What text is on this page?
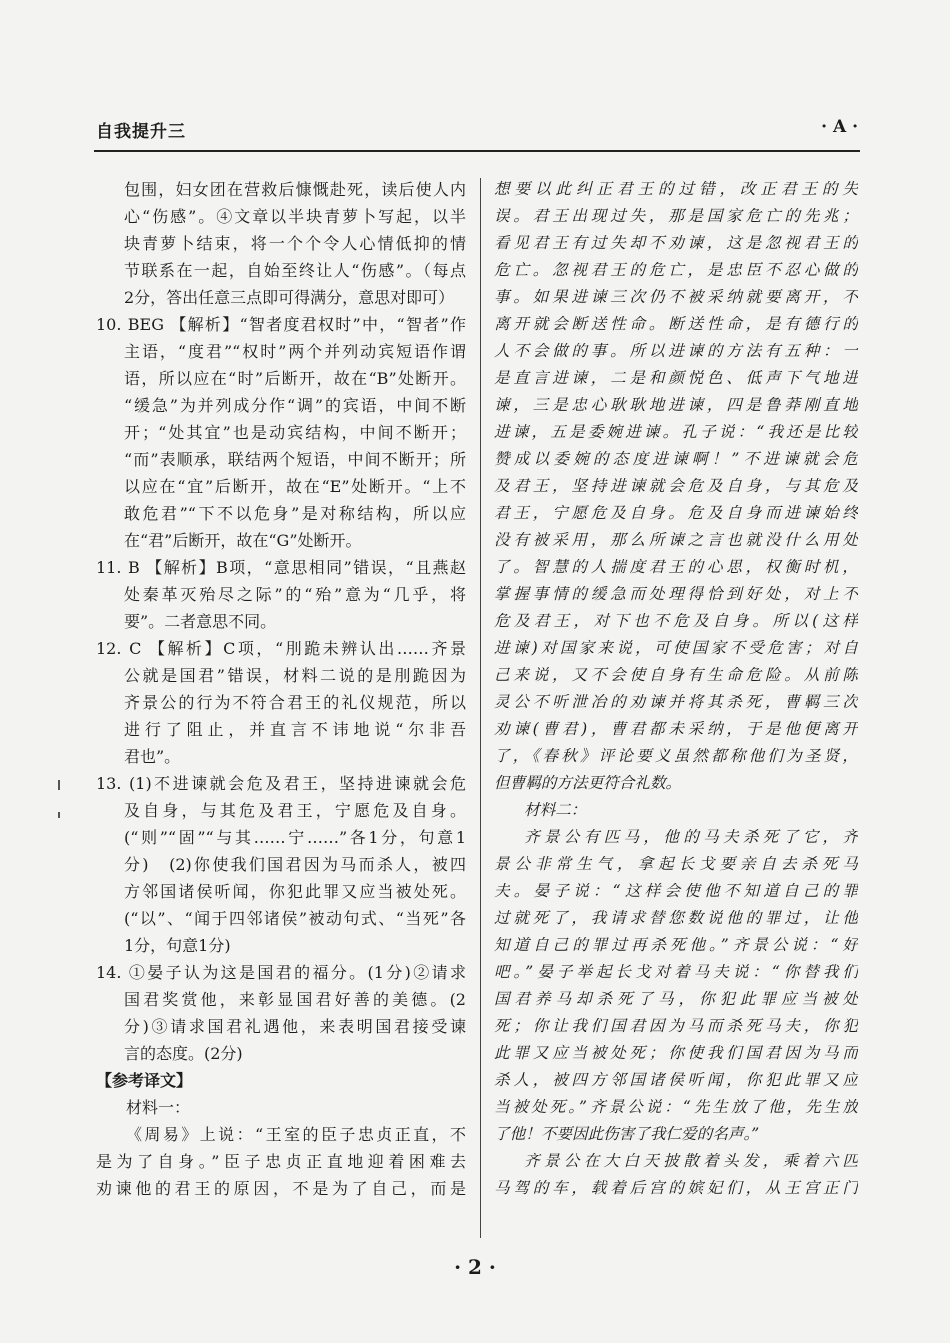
自我提升三	· A ·
包围，妇女团在营救后慷慨赴死，读后使人内
心“伤感”。④文章以半块青萝卜写起，以半
块青萝卜结束，将一个个令人心情低抑的情
节联系在一起，自始至终让人“伤感”。（每点
2分，答出任意三点即可得满分，意思对即可）
10. BEG 【解析】“智者度君权时”中，“智者”作
主语，“度君”“权时”两个并列动宾短语作谓
语，所以应在“时”后断开，故在“B”处断开。
“缓急”为并列成分作“调”的宾语，中间不断
开；“处其宜”也是动宾结构，中间不断开；
“而”表顺承，联结两个短语，中间不断开；所
以应在“宜”后断开，故在“E”处断开。“上不
敢危君”“下不以危身”是对称结构，所以应
在“君”后断开，故在“G”处断开。
11. B 【解析】B项，“意思相同”错误，“且燕赵
处秦革灭殆尽之际”的“殆”意为“几乎，将
要”。二者意思不同。
12. C 【解析】C项，“刖跪未辨认出……齐景
公就是国君”错误，材料二说的是刖跪因为
齐景公的行为不符合君王的礼仪规范，所以
进行了阻止，并直言不讳地说“尔非吾
君也”。
13. (1)不进谏就会危及君王，坚持进谏就会危
及自身，与其危及君王，宁愿危及自身。
(“则”“固”“与其……宁……”各1分，句意1
分)　(2)你使我们国君因为马而杀人，被四
方邻国诸侯听闻，你犯此罪又应当被处死。
(“以”、“闻于四邻诸侯”被动句式、“当死”各
1分，句意1分)
14. ①晏子认为这是国君的福分。(1分)②请求
国君奖赏他，来彰显国君好善的美德。(2
分)③请求国君礼遇他，来表明国君接受谏
言的态度。(2分)
【参考译文】
材料一：
《周易》上说：“王室的臣子忠贞正直，不
是为了自身。”臣子忠贞正直地迎着困难去
劝谏他的君王的原因，不是为了自己，而是
想要以此纠正君王的过错，改正君王的失
误。君王出现过失，那是国家危亡的先兆；
看见君王有过失却不劝谏，这是忽视君王的
危亡。忽视君王的危亡，是忠臣不忍心做的
事。如果进谏三次仍不被采纳就要离开，不
离开就会断送性命。断送性命，是有德行的
人不会做的事。所以进谏的方法有五种：一
是直言进谏，二是和颜悦色、低声下气地进
谏，三是忠心耿耿地进谏，四是鲁莽刚直地
进谏，五是委婉进谏。孔子说：“我还是比较
赞成以委婉的态度进谏啊！”不进谏就会危
及君王，坚持进谏就会危及自身，与其危及
君王，宁愿危及自身。危及自身而进谏始终
没有被采用，那么所谏之言也就没什么用处
了。智慧的人揣度君王的心思，权衡时机，
掌握事情的缓急而处理得恰到好处，对上不
危及君王，对下也不危及自身。所以(这样
进谏)对国家来说，可使国家不受危害；对自
己来说，又不会使自身有生命危险。从前陈
灵公不听泄冶的劝谏并将其杀死，曹羁三次
劝谏(曹君)，曹君都未采纳，于是他便离开
了，《春秋》评论要义虽然都称他们为圣贤，
但曹羁的方法更符合礼数。
材料二：
齐景公有匹马，他的马夫杀死了它，齐
景公非常生气，拿起长戈要亲自去杀死马
夫。晏子说：“这样会使他不知道自己的罪
过就死了，我请求替您数说他的罪过，让他
知道自己的罪过再杀死他。”齐景公说：“好
吧。”晏子举起长戈对着马夫说：“你替我们
国君养马却杀死了马，你犯此罪应当被处
死；你让我们国君因为马而杀死马夫，你犯
此罪又应当被处死；你使我们国君因为马而
杀人，被四方邻国诸侯听闻，你犯此罪又应
当被处死。”齐景公说：“先生放了他，先生放
了他！不要因此伤害了我仁爱的名声。”
齐景公在大白天披散着头发，乘着六匹
马驾的车，载着后宫的嫔妃们，从王宫正门
· 2 ·
